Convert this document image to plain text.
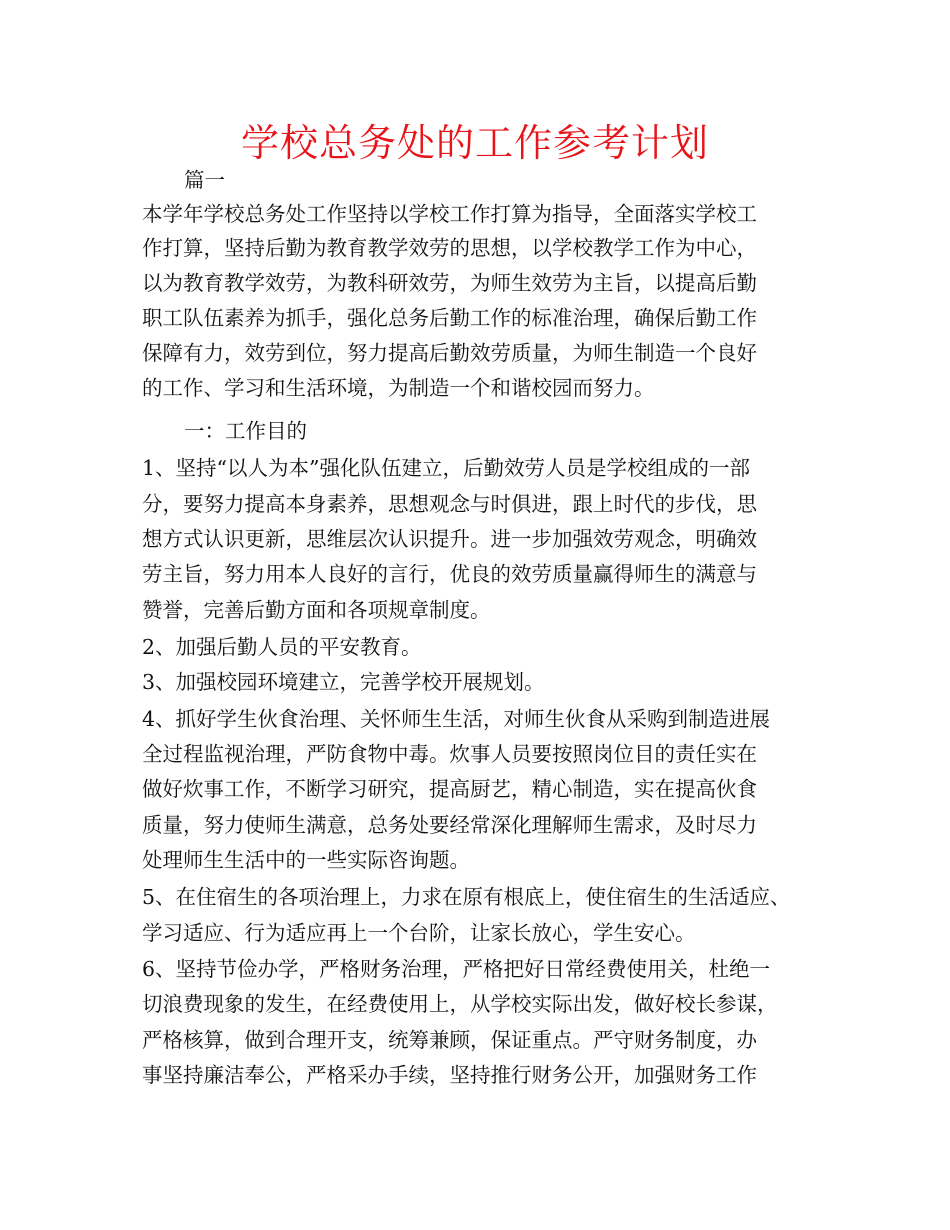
学校总务处的工作参考计划
篇一
本学年学校总务处工作坚持以学校工作打算为指导，全面落实学校工
作打算，坚持后勤为教育教学效劳的思想，以学校教学工作为中心，
以为教育教学效劳，为教科研效劳，为师生效劳为主旨，以提高后勤
职工队伍素养为抓手，强化总务后勤工作的标准治理，确保后勤工作
保障有力，效劳到位，努力提高后勤效劳质量，为师生制造一个良好
的工作、学习和生活环境，为制造一个和谐校园而努力。
一：工作目的
1、坚持“以人为本”强化队伍建立，后勤效劳人员是学校组成的一部
分，要努力提高本身素养，思想观念与时俱进，跟上时代的步伐，思
想方式认识更新，思维层次认识提升。进一步加强效劳观念，明确效
劳主旨，努力用本人良好的言行，优良的效劳质量赢得师生的满意与
赞誉，完善后勤方面和各项规章制度。
2、加强后勤人员的平安教育。
3、加强校园环境建立，完善学校开展规划。
4、抓好学生伙食治理、关怀师生生活，对师生伙食从采购到制造进展
全过程监视治理，严防食物中毒。炊事人员要按照岗位目的责任实在
做好炊事工作，不断学习研究，提高厨艺，精心制造，实在提高伙食
质量，努力使师生满意，总务处要经常深化理解师生需求，及时尽力
处理师生生活中的一些实际咨询题。
5、在住宿生的各项治理上，力求在原有根底上，使住宿生的生活适应、
学习适应、行为适应再上一个台阶，让家长放心，学生安心。
6、坚持节俭办学，严格财务治理，严格把好日常经费使用关，杜绝一
切浪费现象的发生，在经费使用上，从学校实际出发，做好校长参谋，
严格核算，做到合理开支，统筹兼顾，保证重点。严守财务制度，办
事坚持廉洁奉公，严格采办手续，坚持推行财务公开，加强财务工作
